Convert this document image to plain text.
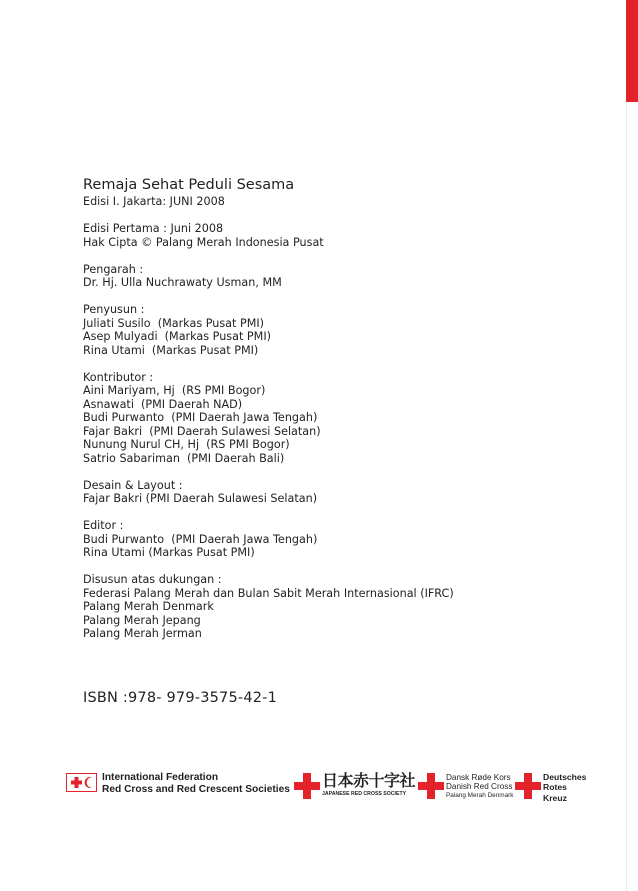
Remaja Sehat Peduli Sesama
Edisi I. Jakarta: JUNI 2008
Edisi Pertama : Juni 2008
Hak Cipta © Palang Merah Indonesia Pusat
Pengarah :
Dr. Hj. Ulla Nuchrawaty Usman, MM
Penyusun :
Juliati Susilo  (Markas Pusat PMI)
Asep Mulyadi  (Markas Pusat PMI)
Rina Utami  (Markas Pusat PMI)
Kontributor :
Aini Mariyam, Hj  (RS PMI Bogor)
Asnawati  (PMI Daerah NAD)
Budi Purwanto  (PMI Daerah Jawa Tengah)
Fajar Bakri  (PMI Daerah Sulawesi Selatan)
Nunung Nurul CH, Hj  (RS PMI Bogor)
Satrio Sabariman  (PMI Daerah Bali)
Desain & Layout :
Fajar Bakri (PMI Daerah Sulawesi Selatan)
Editor :
Budi Purwanto  (PMI Daerah Jawa Tengah)
Rina Utami (Markas Pusat PMI)
Disusun atas dukungan :
Federasi Palang Merah dan Bulan Sabit Merah Internasional (IFRC)
Palang Merah Denmark
Palang Merah Jepang
Palang Merah Jerman
ISBN :978- 979-3575-42-1
International Federation
Red Cross and Red Crescent Societies 日本赤十字社
JAPANESE RED CROSS SOCIETY
Dansk Røde Kors
Danish Red Cross
Palang Merah Denmark
Deutsches
Rotes
Kreuz
